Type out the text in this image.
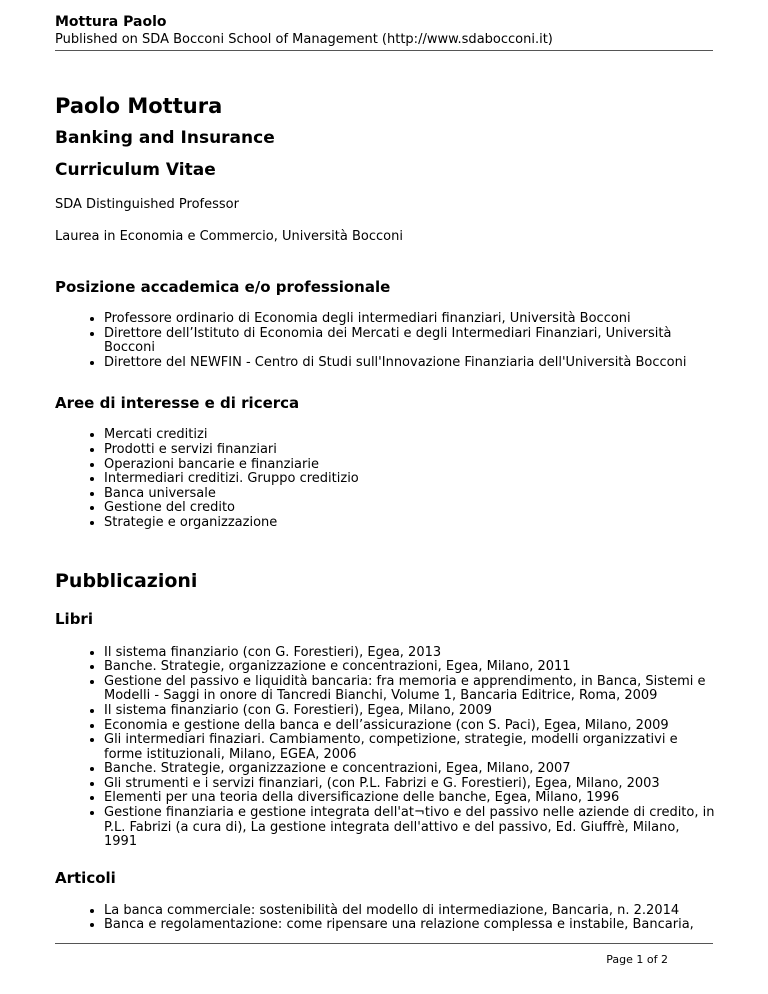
Mottura Paolo
Published on SDA Bocconi School of Management (http://www.sdabocconi.it)
Paolo Mottura
Banking and Insurance
Curriculum Vitae

SDA Distinguished Professor

Laurea in Economia e Commercio, Università Bocconi

Posizione accademica e/o professionale
• Professore ordinario di Economia degli intermediari finanziari, Università Bocconi
• Direttore dell’Istituto di Economia dei Mercati e degli Intermediari Finanziari, Università Bocconi
• Direttore del NEWFIN - Centro di Studi sull'Innovazione Finanziaria dell'Università Bocconi
Aree di interesse e di ricerca
• Mercati creditizi
• Prodotti e servizi finanziari
• Operazioni bancarie e finanziarie
• Intermediari creditizi. Gruppo creditizio
• Banca universale
• Gestione del credito
• Strategie e organizzazione
Pubblicazioni
Libri
• Il sistema finanziario (con G. Forestieri), Egea, 2013
• Banche. Strategie, organizzazione e concentrazioni, Egea, Milano, 2011
• Gestione del passivo e liquidità bancaria: fra memoria e apprendimento, in Banca, Sistemi e Modelli - Saggi in onore di Tancredi Bianchi, Volume 1, Bancaria Editrice, Roma, 2009
• Il sistema finanziario (con G. Forestieri), Egea, Milano, 2009
• Economia e gestione della banca e dell’assicurazione (con S. Paci), Egea, Milano, 2009
• Gli intermediari finaziari. Cambiamento, competizione, strategie, modelli organizzativi e forme istituzionali, Milano, EGEA, 2006
• Banche. Strategie, organizzazione e concentrazioni, Egea, Milano, 2007
• Gli strumenti e i servizi finanziari, (con P.L. Fabrizi e G. Forestieri), Egea, Milano, 2003
• Elementi per una teoria della diversificazione delle banche, Egea, Milano, 1996
• Gestione finanziaria e gestione integrata dell'at¬tivo e del passivo nelle aziende di credito, in P.L. Fabrizi (a cura di), La gestione integrata dell'attivo e del passivo, Ed. Giuffrè, Milano, 1991
Articoli
• La banca commerciale: sostenibilità del modello di intermediazione, Bancaria, n. 2.2014
• Banca e regolamentazione: come ripensare una relazione complessa e instabile, Bancaria,
Page 1 of 2
